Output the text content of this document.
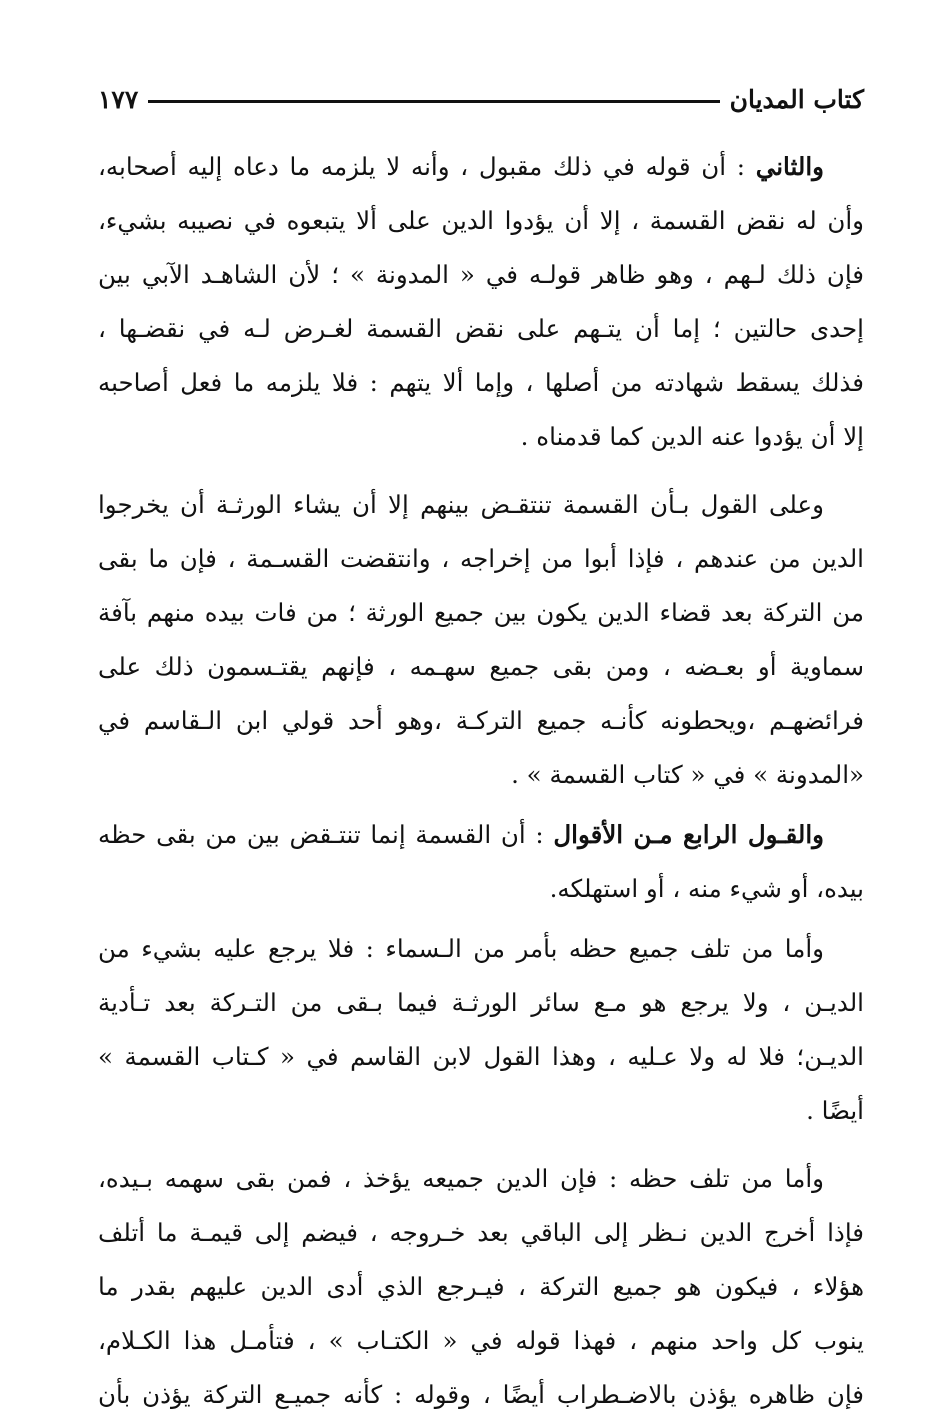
كتاب المديان
١٧٧
والثاني : أن قوله في ذلك مقبول ، وأنه لا يلزمه ما دعاه إليه أصحابه،
وأن له نقض القسمة ، إلا أن يؤدوا الدين على ألا يتبعوه في نصيبه بشيء،
فإن ذلك لـهم ، وهو ظاهر قولـه في « المدونة » ؛ لأن الشاهـد الآبي بين
إحدى حالتين ؛ إما أن يتـهم على نقض القسمة لغـرض لـه في نقضـها ،
فذلك يسقط شهادته من أصلها ، وإما ألا يتهم : فلا يلزمه ما فعل أصاحبه
إلا أن يؤدوا عنه الدين كما قدمناه .
وعلى القول بـأن القسمة تنتقـض بينهم إلا أن يشاء الورثـة أن يخرجوا
الدين من عندهم ، فإذا أبوا من إخراجه ، وانتقضت القسـمة ، فإن ما بقى
من التركة بعد قضاء الدين يكون بين جميع الورثة ؛ من فات بيده منهم بآفة
سماوية أو بعـضه ، ومن بقى جميع سهـمه ، فإنهم يقتـسمون ذلك على
فرائضهـم ،ويحطونه كأنـه جميع التركـة ،وهو أحد قولي ابن الـقاسم في
«المدونة » في « كتاب القسمة » .
والقـول الرابع مـن الأقوال : أن القسمة إنما تنتـقض بين من بقى حظه
بيده، أو شيء منه ، أو استهلكه.
وأما من تلف جميع حظه بأمر من الـسماء : فلا يرجع عليه بشيء من
الديـن ، ولا يرجع هو مـع سائر الورثـة فيما بـقى من التـركة بعد تـأدية
الديـن؛ فلا له ولا عـليه ، وهذا القول لابن القاسم في « كـتاب القسمة »
أيضًا .
وأما من تلف حظه : فإن الدين جميعه يؤخذ ، فمن بقى سهمه بـيده،
فإذا أخرج الدين نـظر إلى الباقي بعد خـروجه ، فيضم إلى قيمـة ما أتلف
هؤلاء ، فيكون هو جميع التركة ، فيـرجع الذي أدى الدين عليهم بقدر ما
ينوب كل واحد منهم ، فهذا قوله في « الكتـاب » ، فتأمـل هذا الكـلام،
فإن ظاهره يؤذن بالاضـطراب أيضًا ، وقوله : كأنه جميـع التركة يؤذن بأن
